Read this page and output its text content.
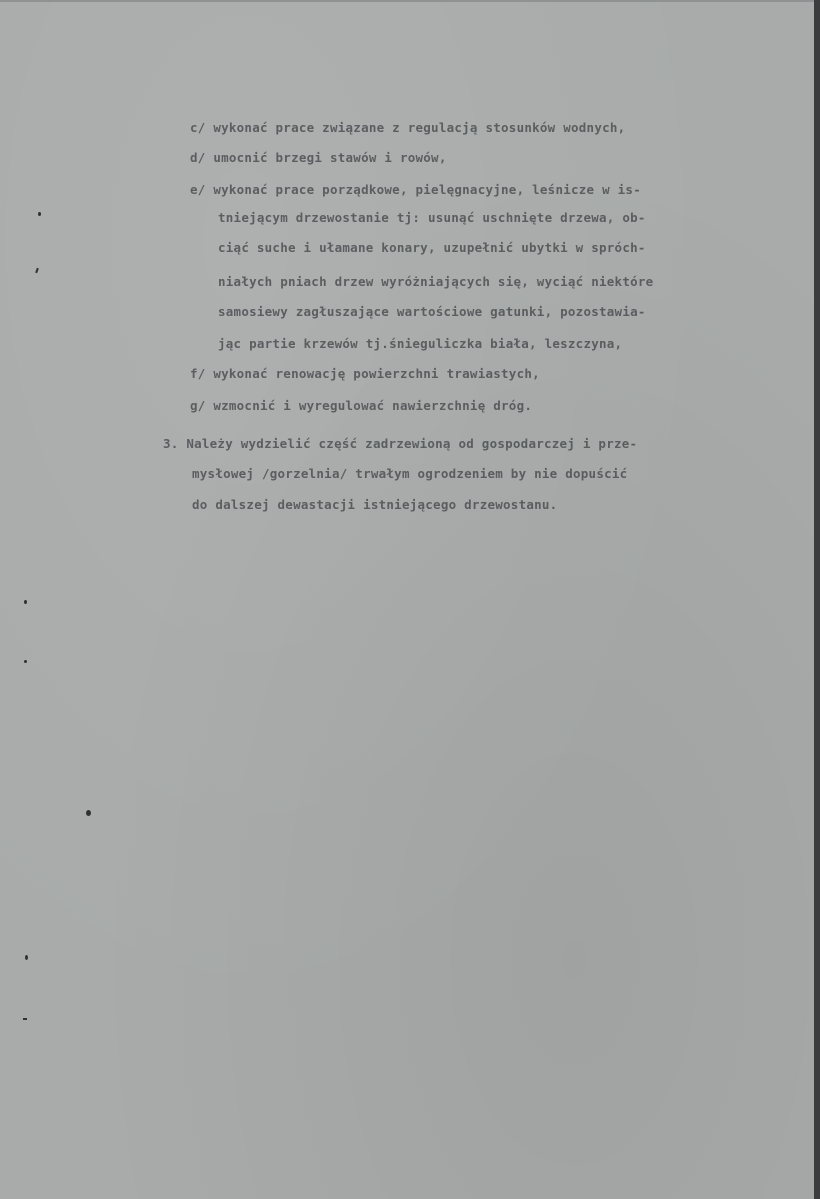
c/ wykonać prace związane z regulacją stosunków wodnych,
d/ umocnić brzegi stawów i rowów,
e/ wykonać prace porządkowe, pielęgnacyjne, leśnicze w is-
tniejącym drzewostanie tj: usunąć uschnięte drzewa, ob-
ciąć suche i ułamane konary, uzupełnić ubytki w spróch-
niałych pniach drzew wyróżniających się, wyciąć niektóre
samosiewy zagłuszające wartościowe gatunki, pozostawia-
jąc partie krzewów tj.śnieguliczka biała, leszczyna,
f/ wykonać renowację powierzchni trawiastych,
g/ wzmocnić i wyregulować nawierzchnię dróg.
3. Należy wydzielić część zadrzewioną od gospodarczej i prze-
mysłowej /gorzelnia/ trwałym ogrodzeniem by nie dopuścić
do dalszej dewastacji istniejącego drzewostanu.
